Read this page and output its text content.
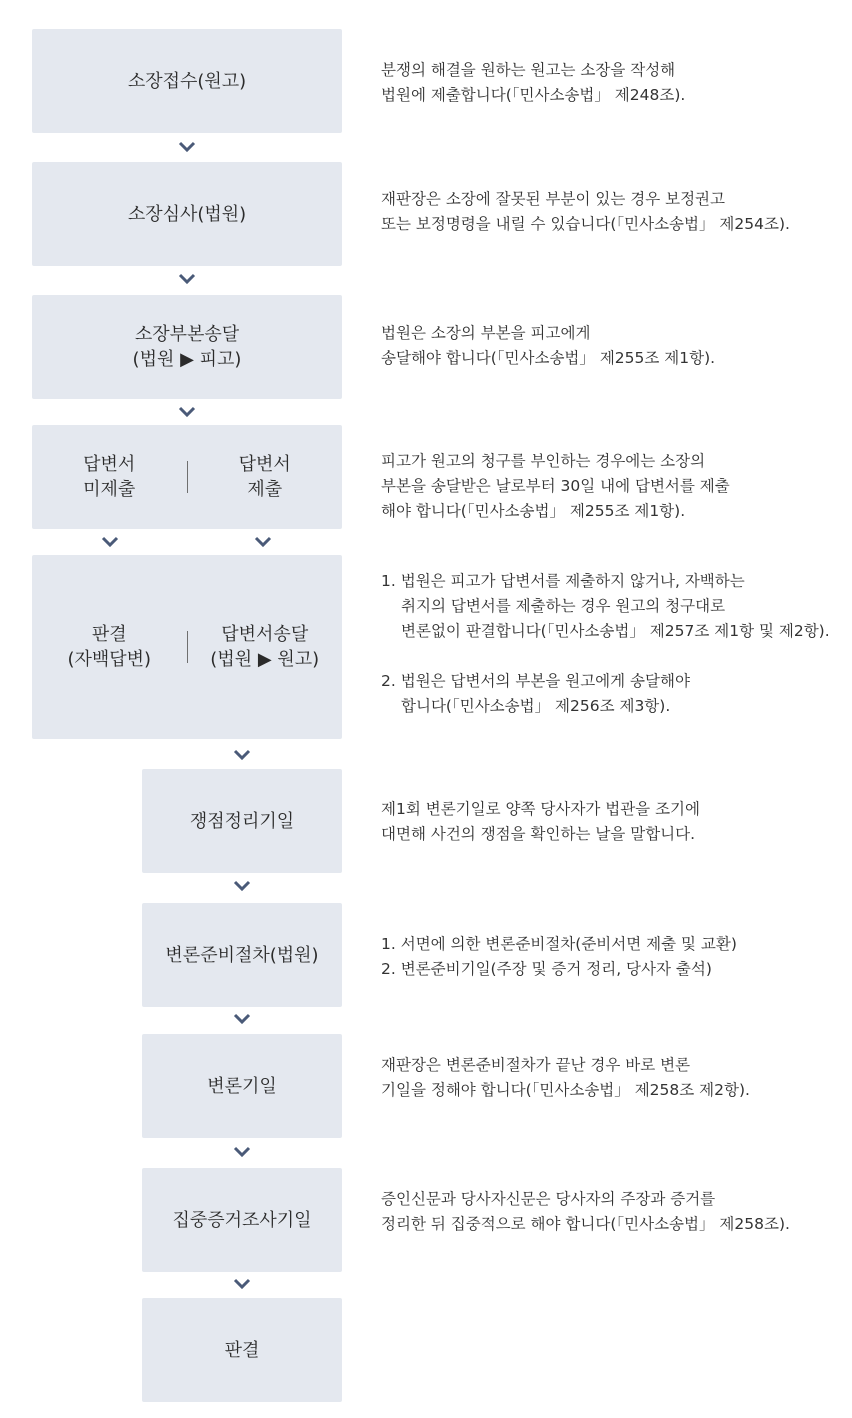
소장접수(원고)
분쟁의 해결을 원하는 원고는 소장을 작성해
법원에 제출합니다(「민사소송법」 제248조).
소장심사(법원)
재판장은 소장에 잘못된 부분이 있는 경우 보정권고
또는 보정명령을 내릴 수 있습니다(「민사소송법」 제254조).
소장부본송달
(법원 ▶ 피고)
법원은 소장의 부본을 피고에게
송달해야 합니다(「민사소송법」 제255조 제1항).
답변서
미제출
답변서
제출
피고가 원고의 청구를 부인하는 경우에는 소장의
부본을 송달받은 날로부터 30일 내에 답변서를 제출
해야 합니다(「민사소송법」 제255조 제1항).
판결
(자백답변)
답변서송달
(법원 ▶ 원고)
1. 법원은 피고가 답변서를 제출하지 않거나, 자백하는
취지의 답변서를 제출하는 경우 원고의 청구대로
변론없이 판결합니다(「민사소송법」 제257조 제1항 및 제2항).
2. 법원은 답변서의 부본을 원고에게 송달해야
합니다(「민사소송법」 제256조 제3항).
쟁점정리기일
제1회 변론기일로 양쪽 당사자가 법관을 조기에
대면해 사건의 쟁점을 확인하는 날을 말합니다.
변론준비절차(법원)
1. 서면에 의한 변론준비절차(준비서면 제출 및 교환)
2. 변론준비기일(주장 및 증거 정리, 당사자 출석)
변론기일
재판장은 변론준비절차가 끝난 경우 바로 변론
기일을 정해야 합니다(「민사소송법」 제258조 제2항).
집중증거조사기일
증인신문과 당사자신문은 당사자의 주장과 증거를
정리한 뒤 집중적으로 해야 합니다(「민사소송법」 제258조).
판결
